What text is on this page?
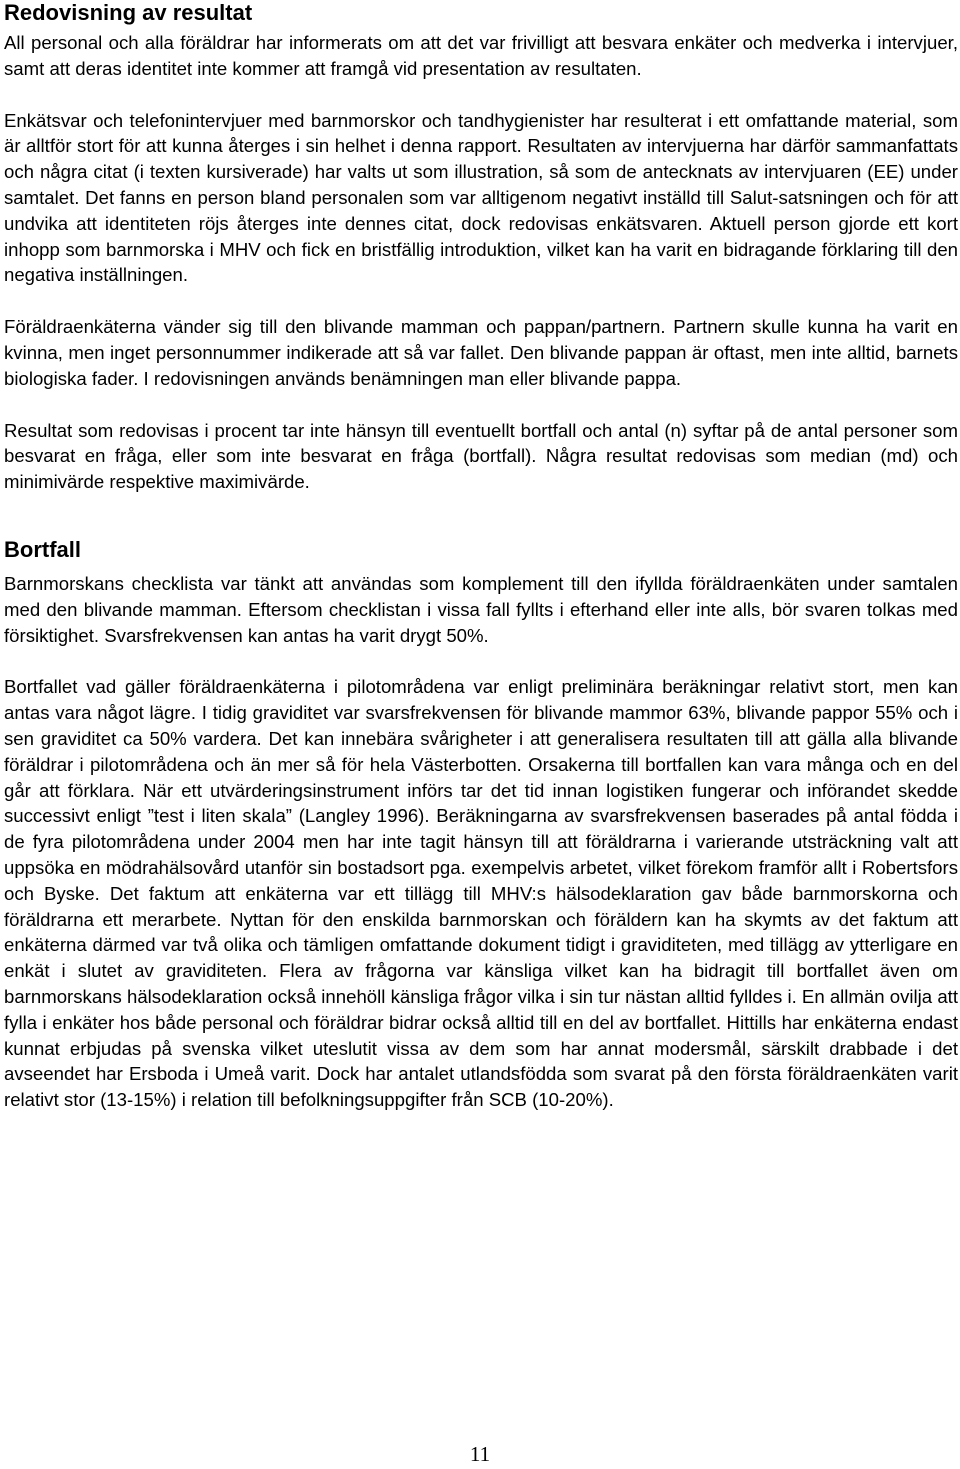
Redovisning av resultat

All personal och alla föräldrar har informerats om att det var frivilligt att besvara enkäter och medverka i intervjuer, samt att deras identitet inte kommer att framgå vid presentation av resultaten.

Enkätsvar och telefonintervjuer med barnmorskor och tandhygienister har resulterat i ett omfattande material, som är alltför stort för att kunna återges i sin helhet i denna rapport. Resultaten av intervjuerna har därför sammanfattats och några citat (i texten kursiverade) har valts ut som illustration, så som de antecknats av intervjuaren (EE) under samtalet. Det fanns en person bland personalen som var alltigenom negativt inställd till Salut-satsningen och för att undvika att identiteten röjs återges inte dennes citat, dock redovisas enkätsvaren. Aktuell person gjorde ett kort inhopp som barnmorska i MHV och fick en bristfällig introduktion, vilket kan ha varit en bidragande förklaring till den negativa inställningen.

Föräldraenkäterna vänder sig till den blivande mamman och pappan/partnern. Partnern skulle kunna ha varit en kvinna, men inget personnummer indikerade att så var fallet. Den blivande pappan är oftast, men inte alltid, barnets biologiska fader. I redovisningen används benämningen man eller blivande pappa.

Resultat som redovisas i procent tar inte hänsyn till eventuellt bortfall och antal (n) syftar på de antal personer som besvarat en fråga, eller som inte besvarat en fråga (bortfall). Några resultat redovisas som median (md) och minimivärde respektive maximivärde.

Bortfall

Barnmorskans checklista var tänkt att användas som komplement till den ifyllda föräldraenkäten under samtalen med den blivande mamman. Eftersom checklistan i vissa fall fyllts i efterhand eller inte alls, bör svaren tolkas med försiktighet. Svarsfrekvensen kan antas ha varit drygt 50%.

Bortfallet vad gäller föräldraenkäterna i pilotområdena var enligt preliminära beräkningar relativt stort, men kan antas vara något lägre. I tidig graviditet var svarsfrekvensen för blivande mammor 63%, blivande pappor 55% och i sen graviditet ca 50% vardera. Det kan innebära svårigheter i att generalisera resultaten till att gälla alla blivande föräldrar i pilotområdena och än mer så för hela Västerbotten. Orsakerna till bortfallen kan vara många och en del går att förklara. När ett utvärderingsinstrument införs tar det tid innan logistiken fungerar och införandet skedde successivt enligt ”test i liten skala” (Langley 1996). Beräkningarna av svarsfrekvensen baserades på antal födda i de fyra pilotområdena under 2004 men har inte tagit hänsyn till att föräldrarna i varierande utsträckning valt att uppsöka en mödrahälsovård utanför sin bostadsort pga. exempelvis arbetet, vilket förekom framför allt i Robertsfors och Byske. Det faktum att enkäterna var ett tillägg till MHV:s hälsodeklaration gav både barnmorskorna och föräldrarna ett merarbete. Nyttan för den enskilda barnmorskan och föräldern kan ha skymts av det faktum att enkäterna därmed var två olika och tämligen omfattande dokument tidigt i graviditeten, med tillägg av ytterligare en enkät i slutet av graviditeten. Flera av frågorna var känsliga vilket kan ha bidragit till bortfallet även om barnmorskans hälsodeklaration också innehöll känsliga frågor vilka i sin tur nästan alltid fylldes i. En allmän ovilja att fylla i enkäter hos både personal och föräldrar bidrar också alltid till en del av bortfallet. Hittills har enkäterna endast kunnat erbjudas på svenska vilket uteslutit vissa av dem som har annat modersmål, särskilt drabbade i det avseendet har Ersboda i Umeå varit. Dock har antalet utlandsfödda som svarat på den första föräldraenkäten varit relativt stor (13-15%) i relation till befolkningsuppgifter från SCB (10-20%).

11
